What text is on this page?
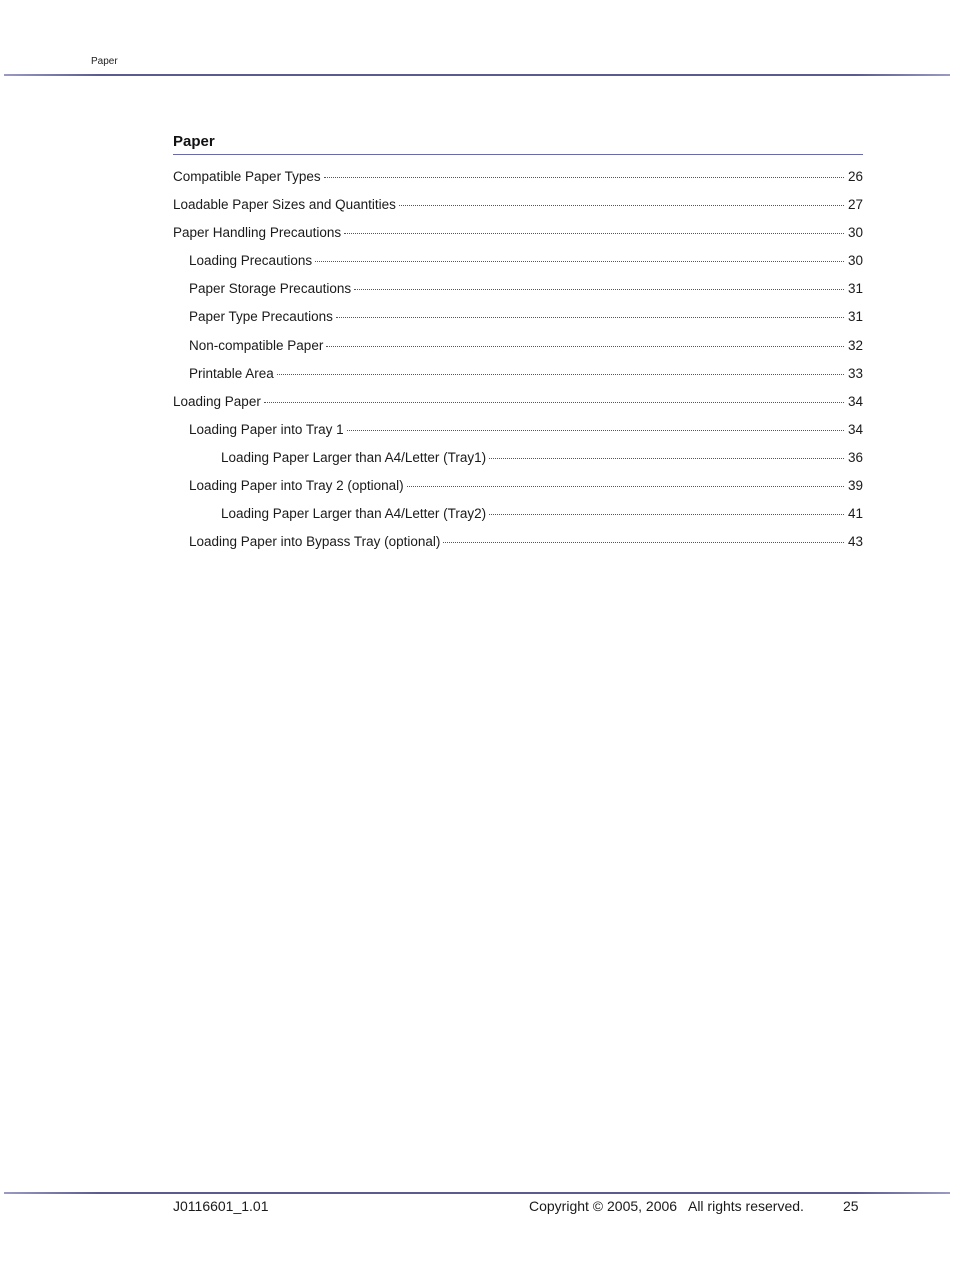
Paper
Paper
Compatible Paper Types	26
Loadable Paper Sizes and Quantities	27
Paper Handling Precautions	30
Loading Precautions	30
Paper Storage Precautions	31
Paper Type Precautions	31
Non-compatible Paper	32
Printable Area	33
Loading Paper	34
Loading Paper into Tray 1	34
Loading Paper Larger than A4/Letter (Tray1)	36
Loading Paper into Tray 2 (optional)	39
Loading Paper Larger than A4/Letter (Tray2)	41
Loading Paper into Bypass Tray (optional)	43
J0116601_1.01	Copyright © 2005, 2006   All rights reserved.	25
